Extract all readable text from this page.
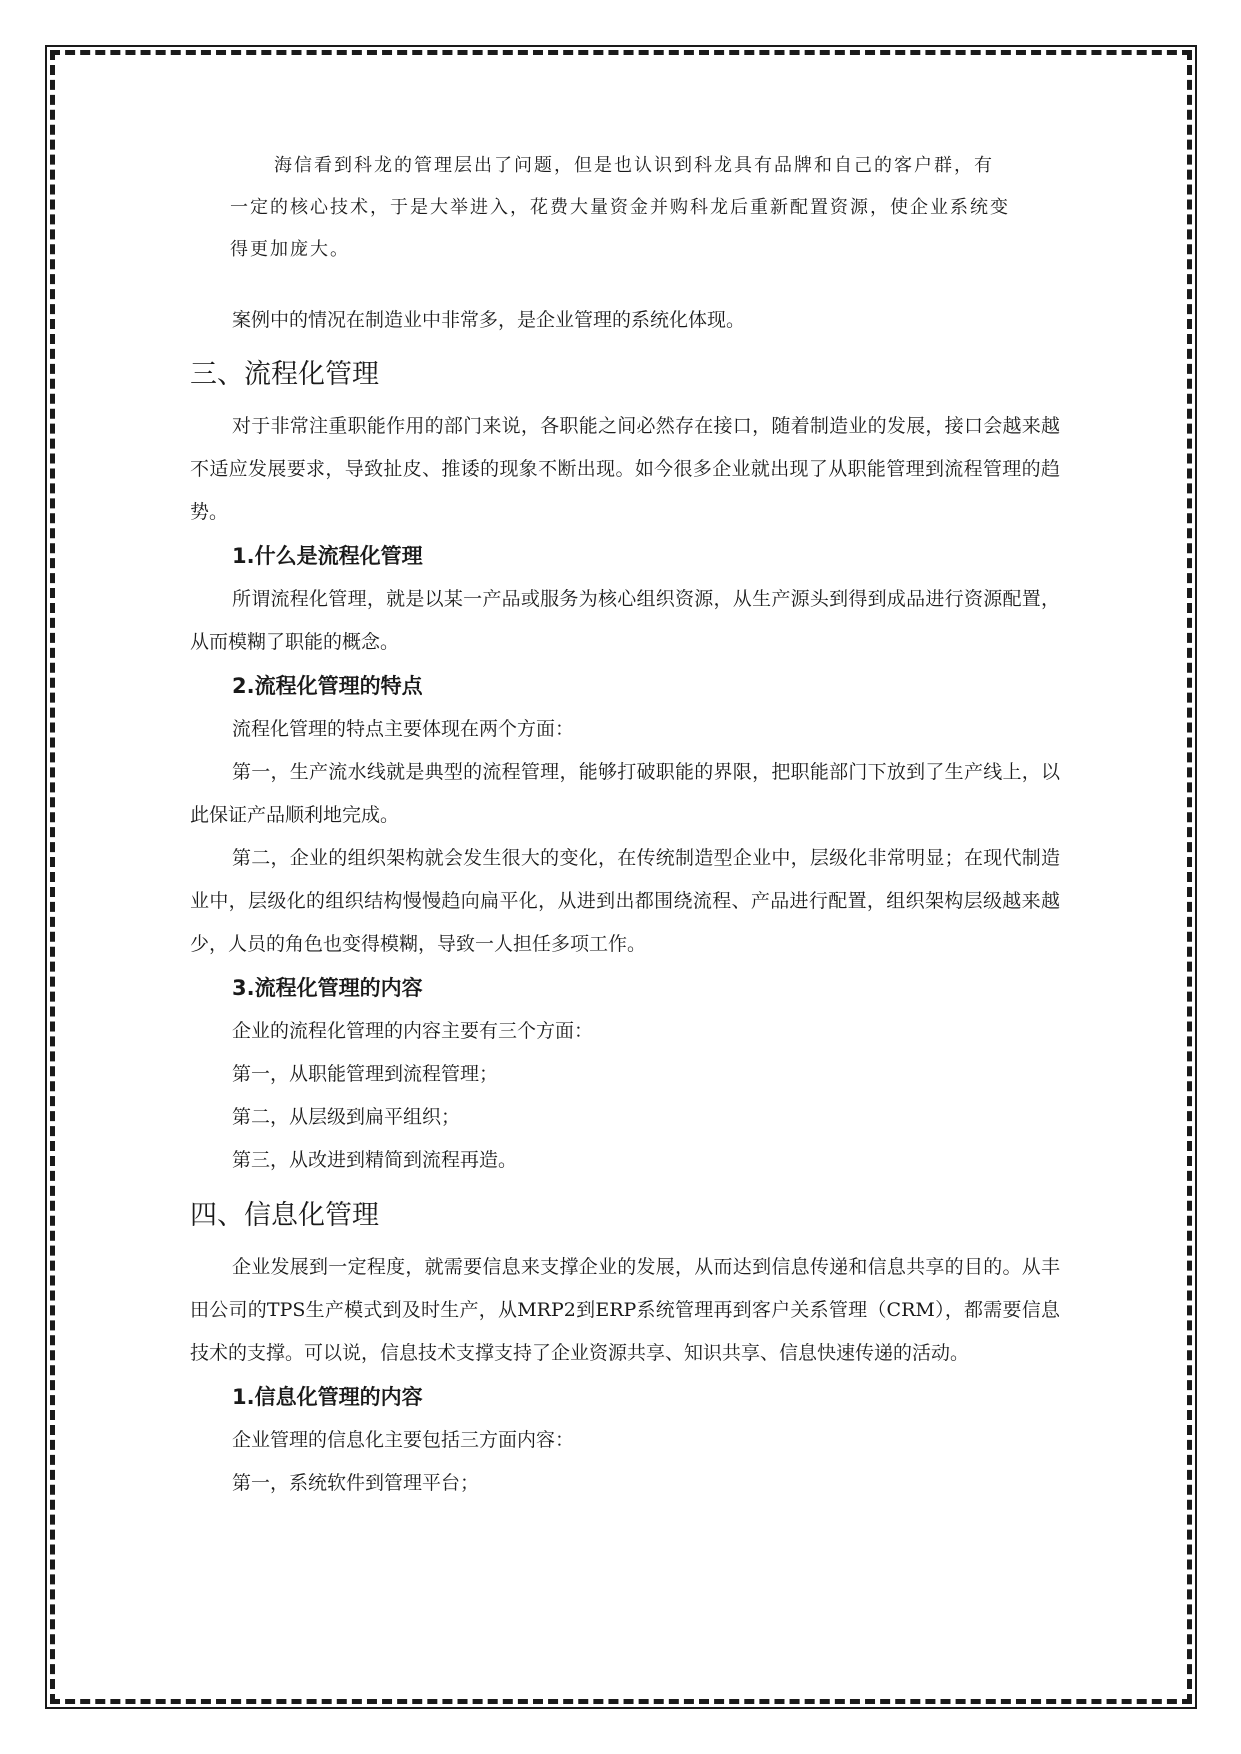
海信看到科龙的管理层出了问题，但是也认识到科龙具有品牌和自己的客户群，有一定的核心技术，于是大举进入，花费大量资金并购科龙后重新配置资源，使企业系统变得更加庞大。

案例中的情况在制造业中非常多，是企业管理的系统化体现。

三、流程化管理

对于非常注重职能作用的部门来说，各职能之间必然存在接口，随着制造业的发展，接口会越来越不适应发展要求，导致扯皮、推诿的现象不断出现。如今很多企业就出现了从职能管理到流程管理的趋势。

1.什么是流程化管理

所谓流程化管理，就是以某一产品或服务为核心组织资源，从生产源头到得到成品进行资源配置，从而模糊了职能的概念。

2.流程化管理的特点

流程化管理的特点主要体现在两个方面：

第一，生产流水线就是典型的流程管理，能够打破职能的界限，把职能部门下放到了生产线上，以此保证产品顺利地完成。

第二，企业的组织架构就会发生很大的变化，在传统制造型企业中，层级化非常明显；在现代制造业中，层级化的组织结构慢慢趋向扁平化，从进到出都围绕流程、产品进行配置，组织架构层级越来越少，人员的角色也变得模糊，导致一人担任多项工作。

3.流程化管理的内容

企业的流程化管理的内容主要有三个方面：

第一，从职能管理到流程管理；

第二，从层级到扁平组织；

第三，从改进到精简到流程再造。

四、信息化管理

企业发展到一定程度，就需要信息来支撑企业的发展，从而达到信息传递和信息共享的目的。从丰田公司的TPS生产模式到及时生产，从MRP2到ERP系统管理再到客户关系管理（CRM），都需要信息技术的支撑。可以说，信息技术支撑支持了企业资源共享、知识共享、信息快速传递的活动。

1.信息化管理的内容

企业管理的信息化主要包括三方面内容：

第一，系统软件到管理平台；
